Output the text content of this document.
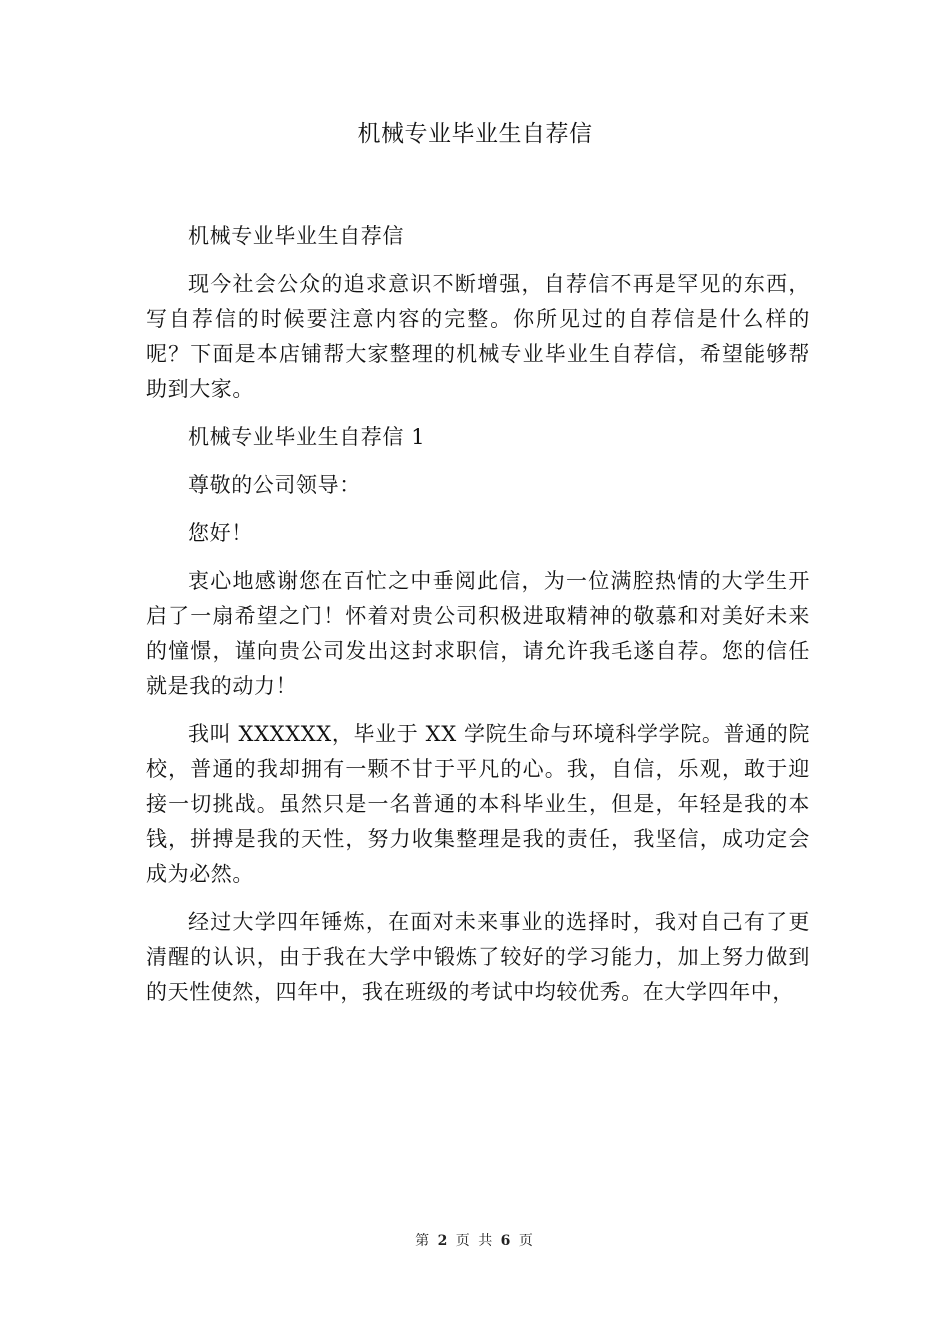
机械专业毕业生自荐信

机械专业毕业生自荐信

现今社会公众的追求意识不断增强，自荐信不再是罕见的东西，写自荐信的时候要注意内容的完整。你所见过的自荐信是什么样的呢？下面是本店铺帮大家整理的机械专业毕业生自荐信，希望能够帮助到大家。

机械专业毕业生自荐信 1

尊敬的公司领导：

您好！

衷心地感谢您在百忙之中垂阅此信，为一位满腔热情的大学生开启了一扇希望之门！怀着对贵公司积极进取精神的敬慕和对美好未来的憧憬，谨向贵公司发出这封求职信，请允许我毛遂自荐。您的信任就是我的动力！

我叫 XXXXXX，毕业于 XX 学院生命与环境科学学院。普通的院校，普通的我却拥有一颗不甘于平凡的心。我，自信，乐观，敢于迎接一切挑战。虽然只是一名普通的本科毕业生，但是，年轻是我的本钱，拼搏是我的天性，努力收集整理是我的责任，我坚信，成功定会成为必然。

经过大学四年锤炼，在面对未来事业的选择时，我对自己有了更清醒的认识，由于我在大学中锻炼了较好的学习能力，加上努力做到的天性使然，四年中，我在班级的考试中均较优秀。在大学四年中，

第 2 页 共 6 页
